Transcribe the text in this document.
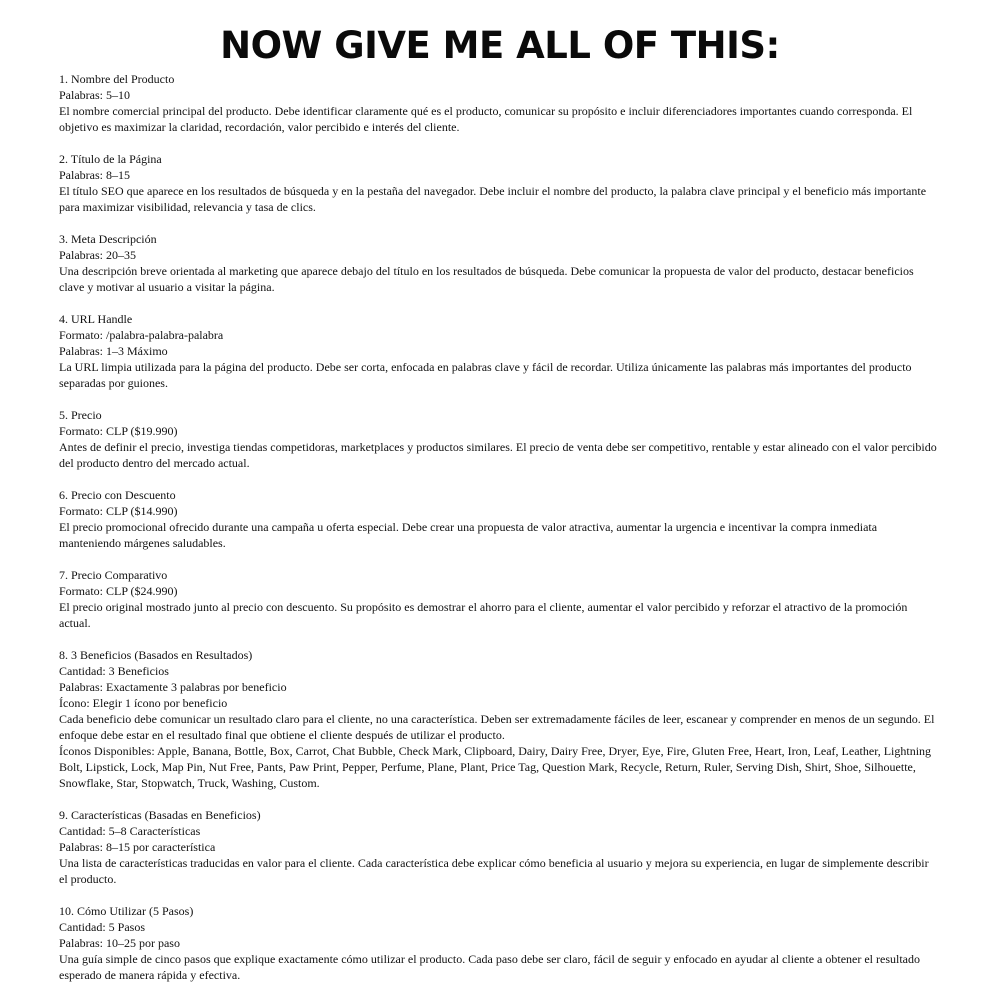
NOW GIVE ME ALL OF THIS:
1. Nombre del Producto
Palabras: 5–10
El nombre comercial principal del producto. Debe identificar claramente qué es el producto, comunicar su propósito e incluir diferenciadores importantes cuando corresponda. El objetivo es maximizar la claridad, recordación, valor percibido e interés del cliente.
2. Título de la Página
Palabras: 8–15
El título SEO que aparece en los resultados de búsqueda y en la pestaña del navegador. Debe incluir el nombre del producto, la palabra clave principal y el beneficio más importante para maximizar visibilidad, relevancia y tasa de clics.
3. Meta Descripción
Palabras: 20–35
Una descripción breve orientada al marketing que aparece debajo del título en los resultados de búsqueda. Debe comunicar la propuesta de valor del producto, destacar beneficios clave y motivar al usuario a visitar la página.
4. URL Handle
Formato: /palabra-palabra-palabra
Palabras: 1–3 Máximo
La URL limpia utilizada para la página del producto. Debe ser corta, enfocada en palabras clave y fácil de recordar. Utiliza únicamente las palabras más importantes del producto separadas por guiones.
5. Precio
Formato: CLP ($19.990)
Antes de definir el precio, investiga tiendas competidoras, marketplaces y productos similares. El precio de venta debe ser competitivo, rentable y estar alineado con el valor percibido del producto dentro del mercado actual.
6. Precio con Descuento
Formato: CLP ($14.990)
El precio promocional ofrecido durante una campaña u oferta especial. Debe crear una propuesta de valor atractiva, aumentar la urgencia e incentivar la compra inmediata manteniendo márgenes saludables.
7. Precio Comparativo
Formato: CLP ($24.990)
El precio original mostrado junto al precio con descuento. Su propósito es demostrar el ahorro para el cliente, aumentar el valor percibido y reforzar el atractivo de la promoción actual.
8. 3 Beneficios (Basados en Resultados)
Cantidad: 3 Beneficios
Palabras: Exactamente 3 palabras por beneficio
Ícono: Elegir 1 ícono por beneficio
Cada beneficio debe comunicar un resultado claro para el cliente, no una característica. Deben ser extremadamente fáciles de leer, escanear y comprender en menos de un segundo. El enfoque debe estar en el resultado final que obtiene el cliente después de utilizar el producto.
Íconos Disponibles: Apple, Banana, Bottle, Box, Carrot, Chat Bubble, Check Mark, Clipboard, Dairy, Dairy Free, Dryer, Eye, Fire, Gluten Free, Heart, Iron, Leaf, Leather, Lightning Bolt, Lipstick, Lock, Map Pin, Nut Free, Pants, Paw Print, Pepper, Perfume, Plane, Plant, Price Tag, Question Mark, Recycle, Return, Ruler, Serving Dish, Shirt, Shoe, Silhouette, Snowflake, Star, Stopwatch, Truck, Washing, Custom.
9. Características (Basadas en Beneficios)
Cantidad: 5–8 Características
Palabras: 8–15 por característica
Una lista de características traducidas en valor para el cliente. Cada característica debe explicar cómo beneficia al usuario y mejora su experiencia, en lugar de simplemente describir el producto.
10. Cómo Utilizar (5 Pasos)
Cantidad: 5 Pasos
Palabras: 10–25 por paso
Una guía simple de cinco pasos que explique exactamente cómo utilizar el producto. Cada paso debe ser claro, fácil de seguir y enfocado en ayudar al cliente a obtener el resultado esperado de manera rápida y efectiva.
